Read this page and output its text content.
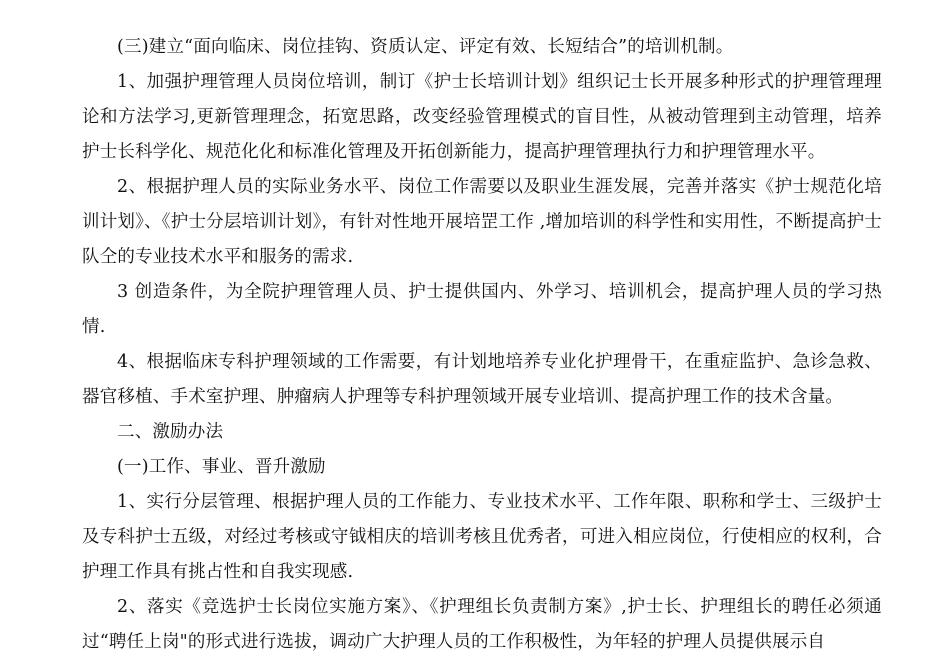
(三)建立“面向临床、岗位挂钩、资质认定、评定有效、长短结合”的培训机制。

1、加强护理管理人员岗位培训，制订《护士长培训计划》组织记士长开展多种形式的护理管理理论和方法学习,更新管理理念，拓宽思路，改变经验管理模式的盲目性，从被动管理到主动管理，培养护士长科学化、规范化化和标准化管理及开拓创新能力，提高护理管理执行力和护理管理水平。

2、根据护理人员的实际业务水平、岗位工作需要以及职业生涯发展，完善并落实《护士规范化培训计划》、《护士分层培训计划》，有针对性地开展培罡工作 ,增加培训的科学性和实用性，不断提高护士队仝的专业技术水平和服务的需求.

3 创造条件，为全院护理管理人员、护士提供国内、外学习、培训机会，提高护理人员的学习热情.

4、根据临床专科护理领域的工作需要，有计划地培养专业化护理骨干，在重症监护、急诊急救、器官移植、手术室护理、肿瘤病人护理等专科护理领域开展专业培训、提高护理工作的技术含量。

二、激励办法

(一)工作、事业、晋升激励

1、实行分层管理、根据护理人员的工作能力、专业技术水平、工作年限、职称和学士、三级护士及专科护士五级，对经过考核或守钺相庆的培训考核且优秀者，可进入相应岗位，行使相应的权利，合护理工作具有挑占性和自我实现感.

2、落实《竞选护士长岗位实施方案》、《护理组长负责制方案》,护士长、护理组长的聘任必须通过“聘任上岗"的形式进行选拔，调动广大护理人员的工作积极性，为年轻的护理人员提供展示自
